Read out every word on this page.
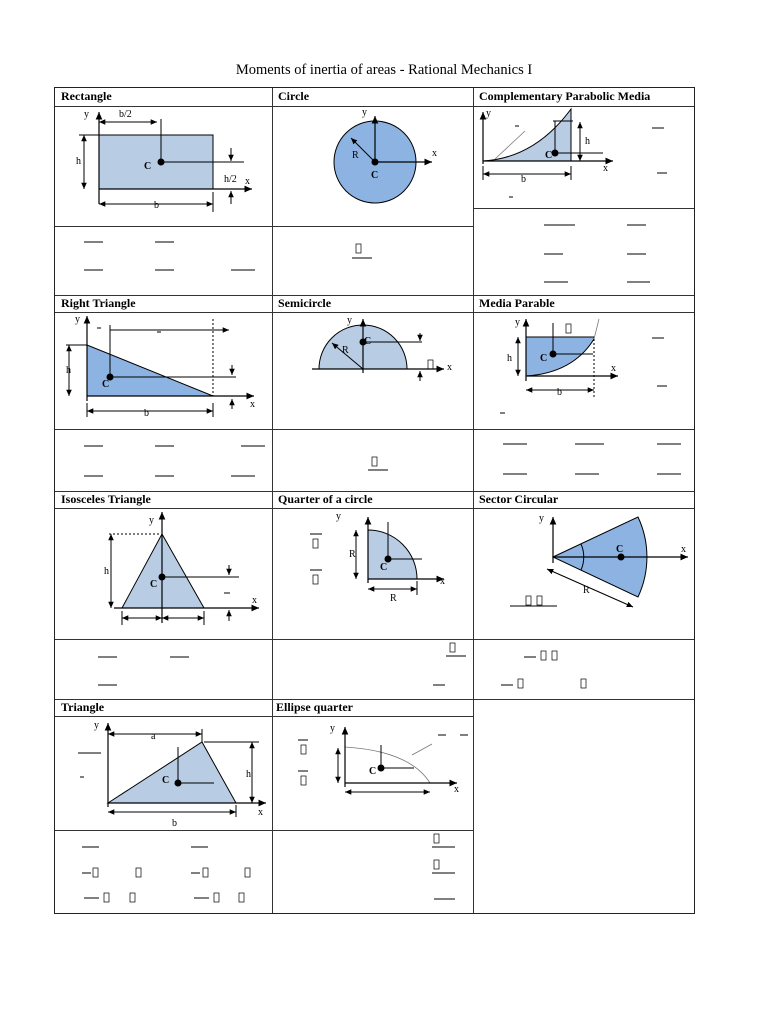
Moments of inertia of areas - Rational Mechanics I
Rectangle	Circle	Complementary Parabolic Media
Right Triangle	Semicircle	Media Parable
Isosceles Triangle	Quarter of a circle	Sector Circular
Triangle	Ellipse quarter
y	b/2
h	C
h/2 x
b
y
R	x
C
y
h
C
x
b
y
h
C
x
b
y
R
C
x
y
h	C
x
b
y
h
C
x
y
R
C
x
R
y
C	x
R
y
a
h
C
x
b
y
C
x
